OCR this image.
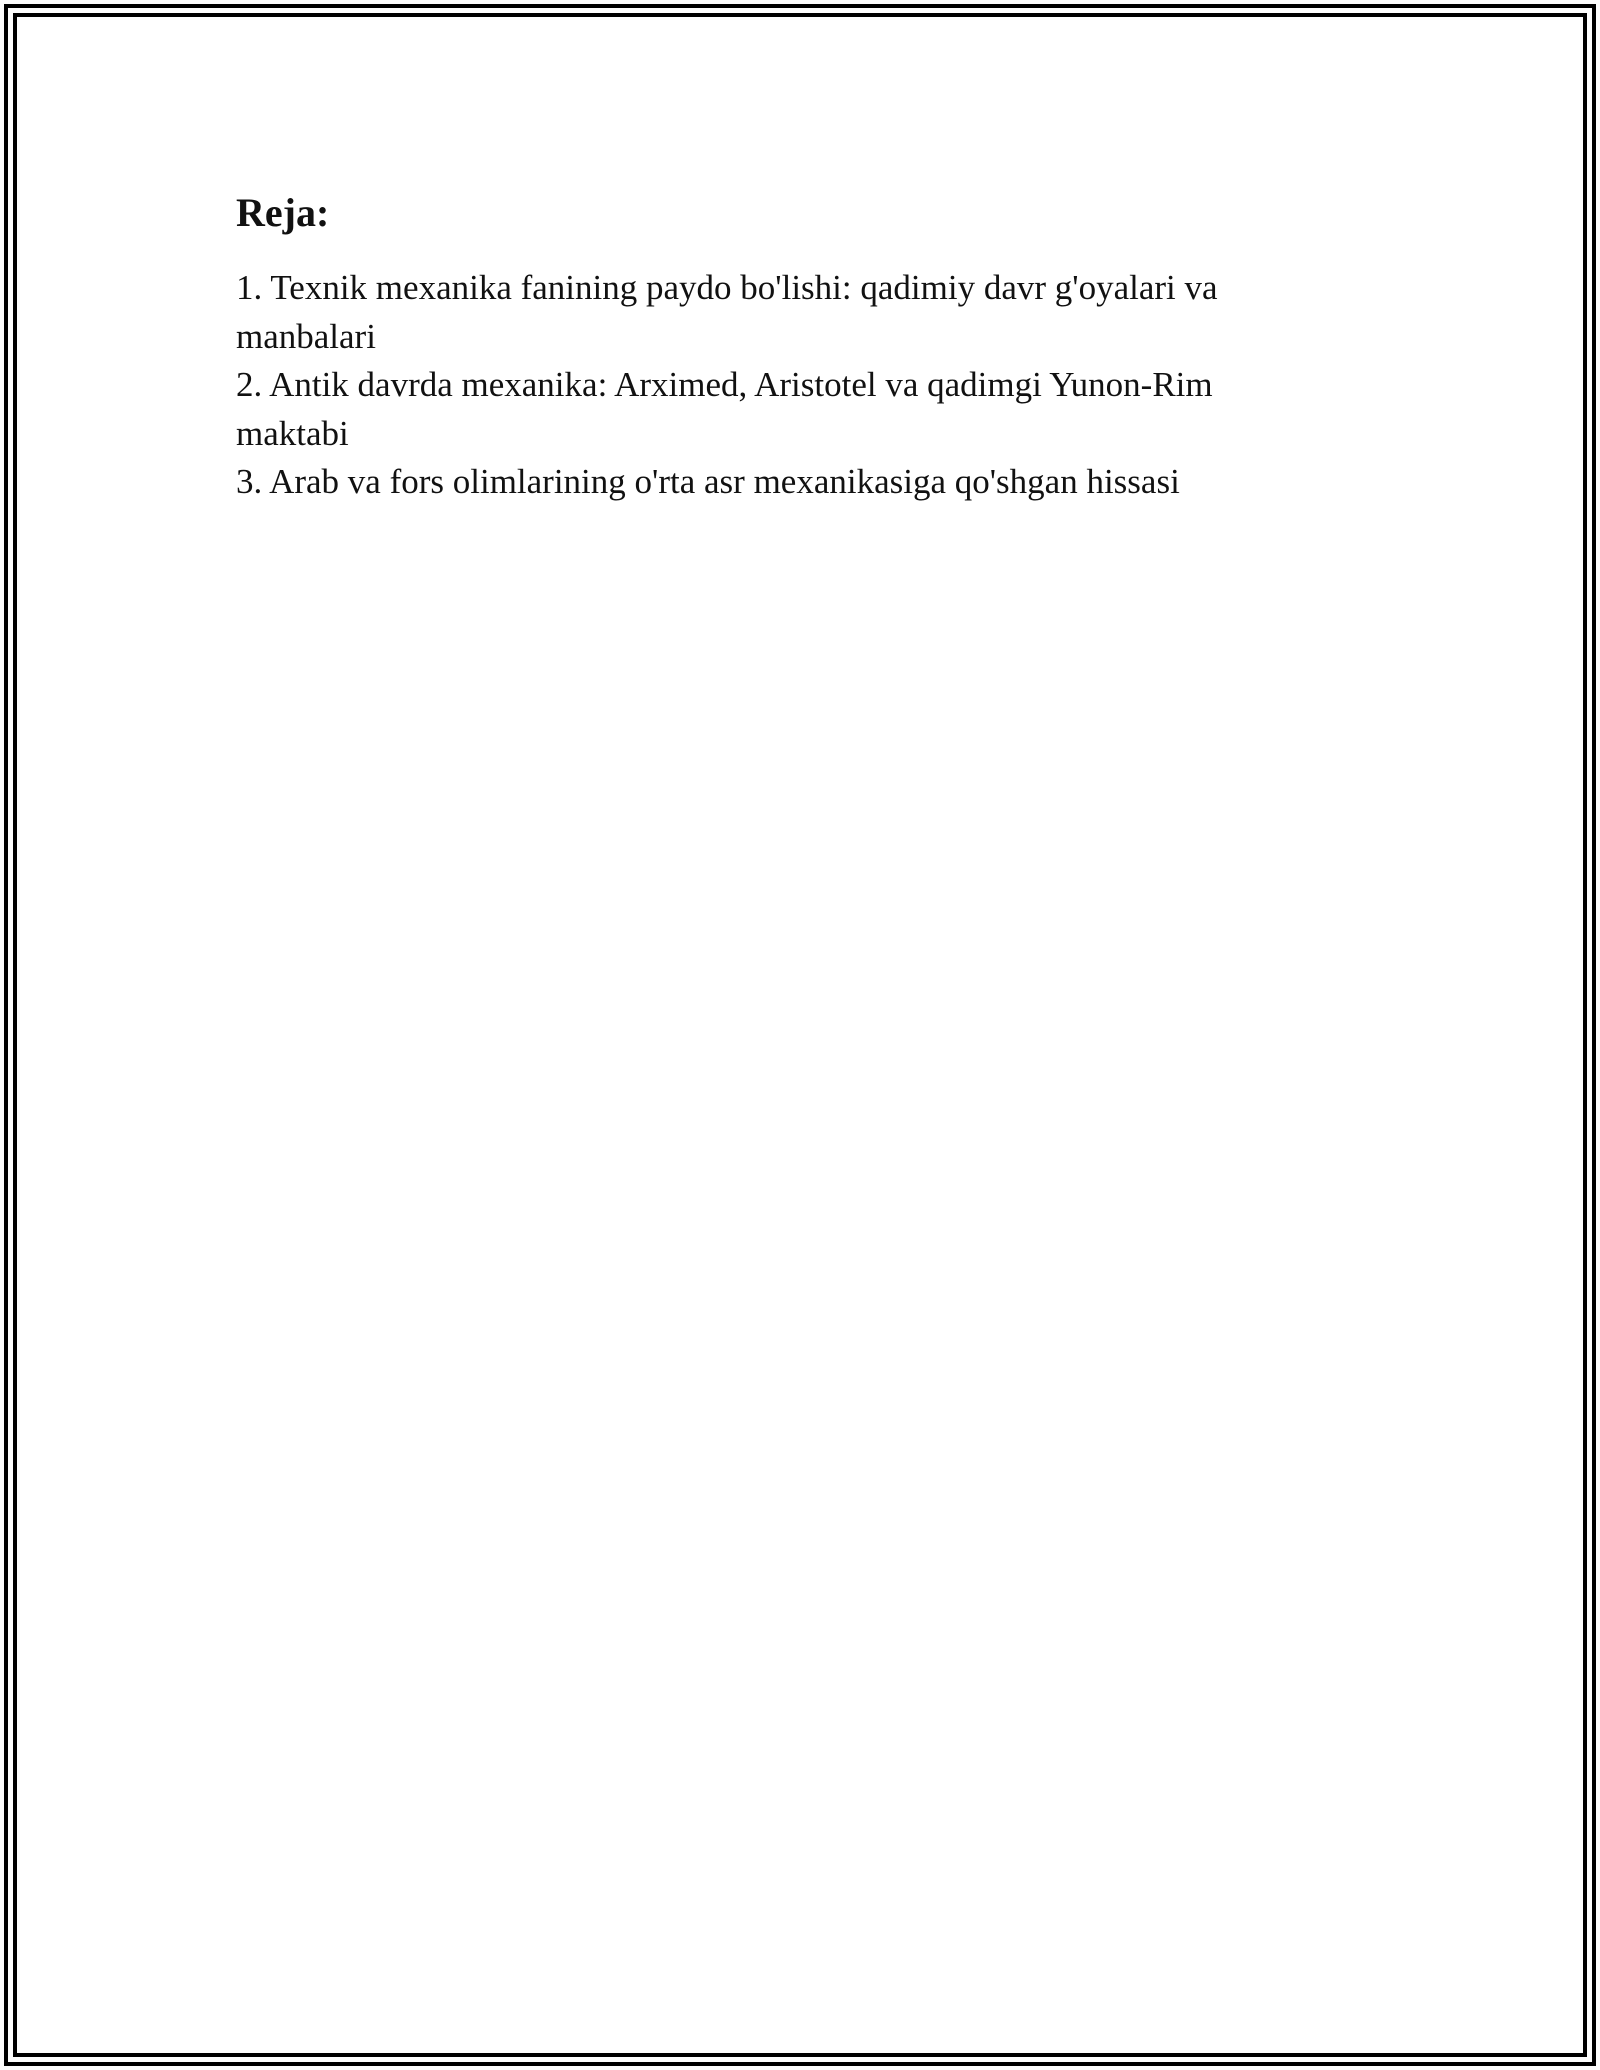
Reja:
1. Texnik mexanika fanining paydo bo'lishi: qadimiy davr g'oyalari va manbalari
2. Antik davrda mexanika: Arximed, Aristotel va qadimgi Yunon-Rim maktabi
3. Arab va fors olimlarining o'rta asr mexanikasiga qo'shgan hissasi
